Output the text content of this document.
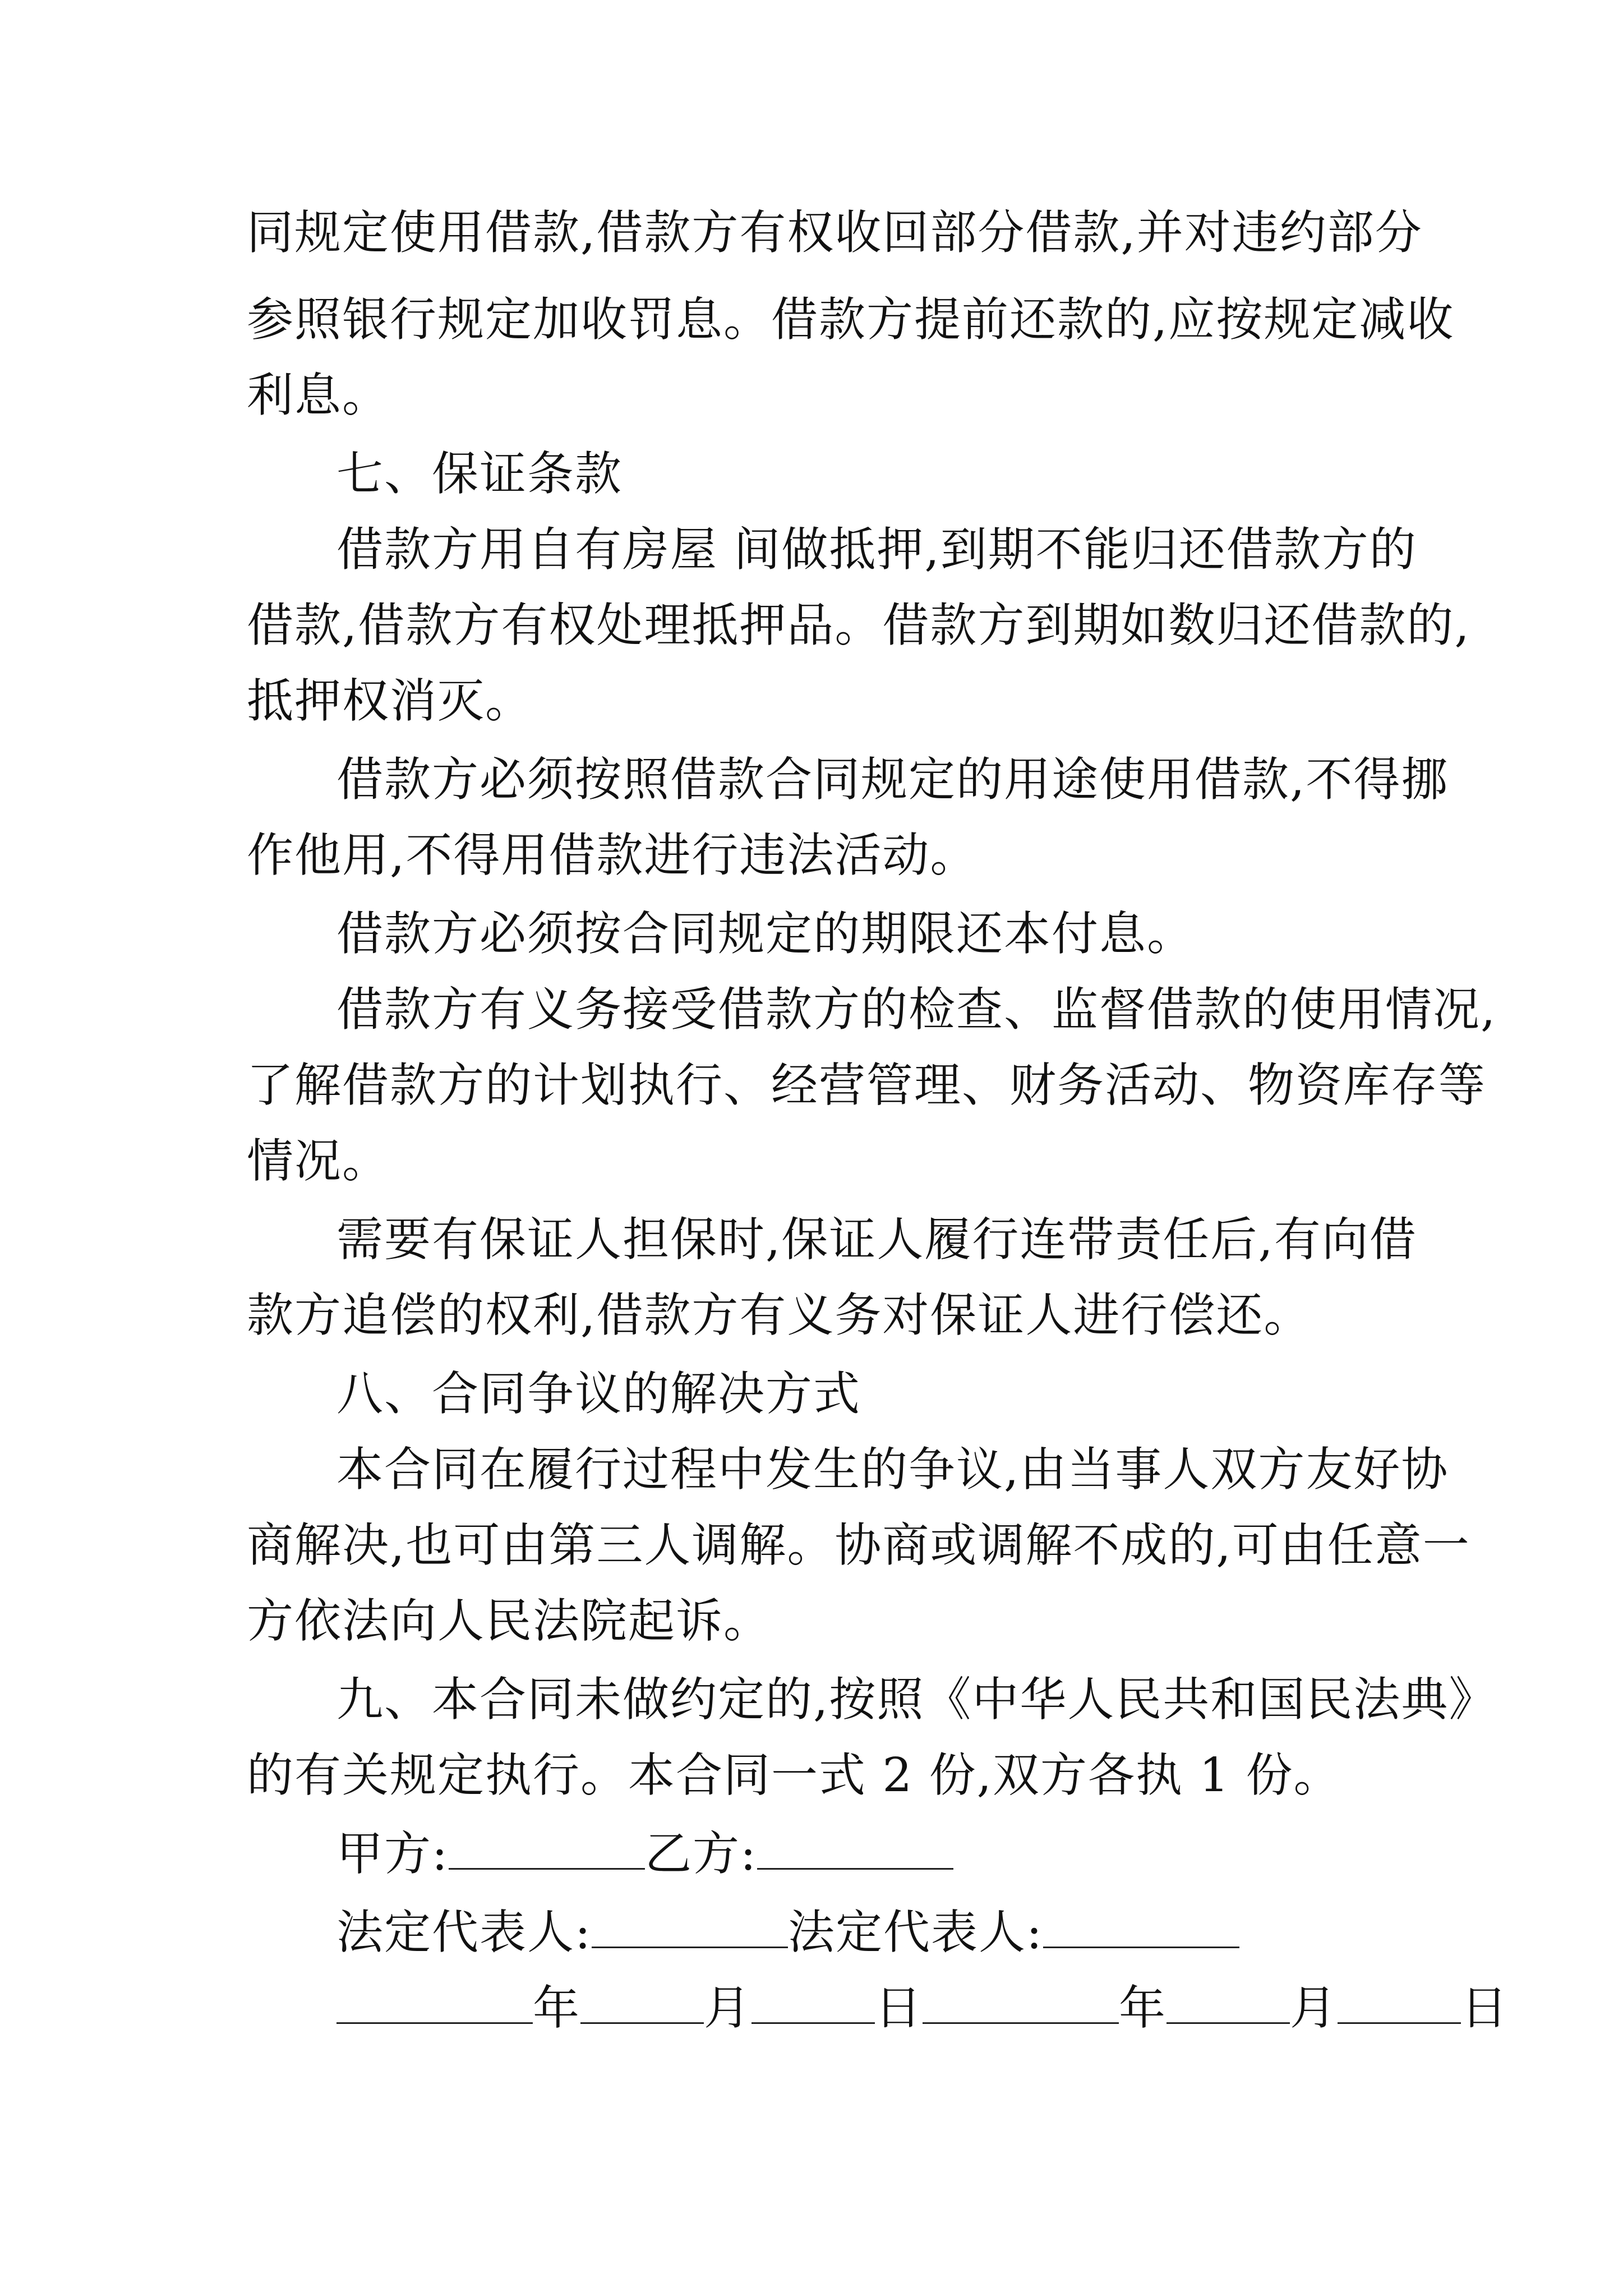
同规定使用借款,借款方有权收回部分借款,并对违约部分
参照银行规定加收罚息。借款方提前还款的,应按规定减收
利息。
七、保证条款
借款方用自有房屋 间做抵押,到期不能归还借款方的
借款,借款方有权处理抵押品。借款方到期如数归还借款的,
抵押权消灭。
借款方必须按照借款合同规定的用途使用借款,不得挪
作他用,不得用借款进行违法活动。
借款方必须按合同规定的期限还本付息。
借款方有义务接受借款方的检查、监督借款的使用情况,
了解借款方的计划执行、经营管理、财务活动、物资库存等
情况。
需要有保证人担保时,保证人履行连带责任后,有向借
款方追偿的权利,借款方有义务对保证人进行偿还。
八、合同争议的解决方式
本合同在履行过程中发生的争议,由当事人双方友好协
商解决,也可由第三人调解。协商或调解不成的,可由任意一
方依法向人民法院起诉。
九、本合同未做约定的,按照《中华人民共和国民法典》
的有关规定执行。本合同一式 2 份,双方各执 1 份。
甲方:	乙方:
法定代表人:	法定代表人:
年	月	日	年	月	日
